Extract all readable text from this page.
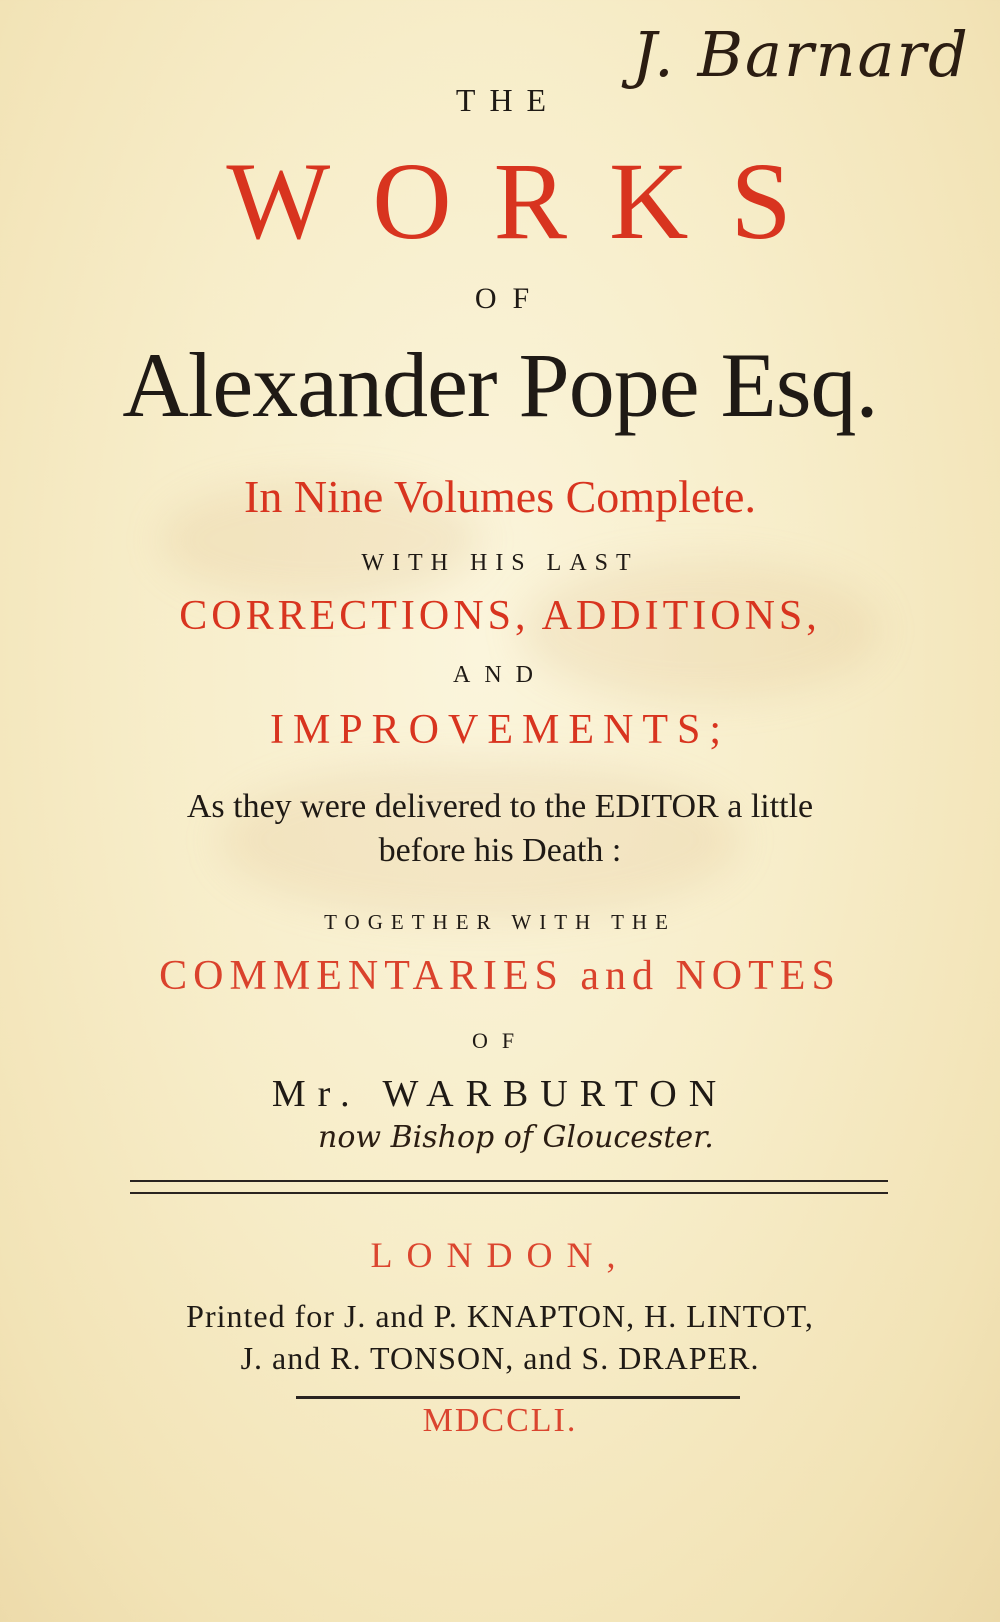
J. Barnard
THE
WORKS
OF
Alexander Pope Esq.
In Nine Volumes Complete.
WITH HIS LAST
CORRECTIONS, ADDITIONS,
AND
IMPROVEMENTS;
As they were delivered to the EDITOR a little
before his Death :
TOGETHER WITH THE
COMMENTARIES and NOTES
OF
Mr. WARBURTON
now Bishop of Gloucester.
LONDON,
Printed for J. and P. KNAPTON, H. LINTOT,
J. and R. TONSON, and S. DRAPER.
MDCCLI.
